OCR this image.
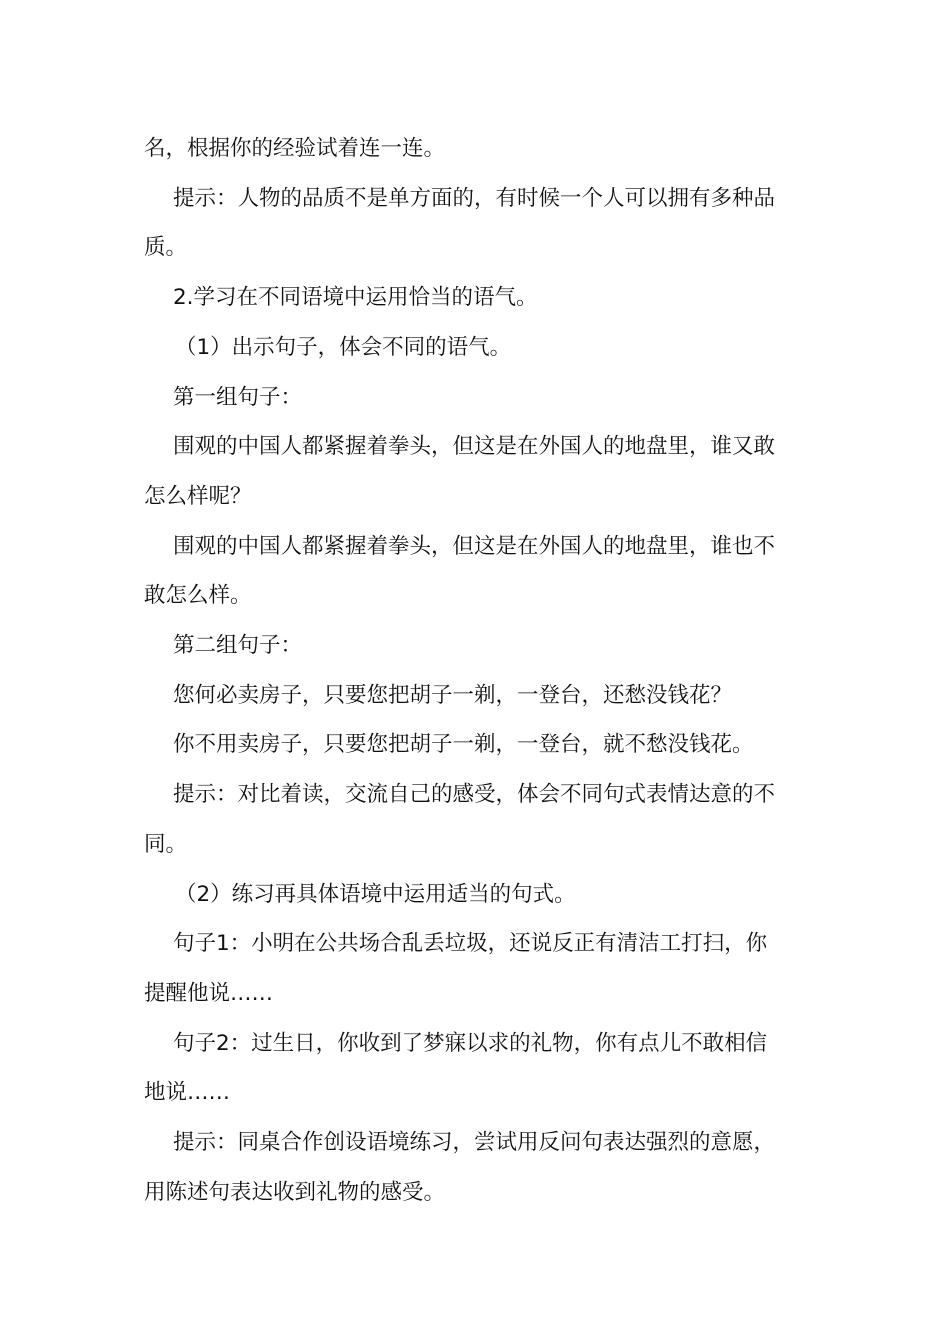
名，根据你的经验试着连一连。

提示：人物的品质不是单方面的，有时候一个人可以拥有多种品

质。

2.学习在不同语境中运用恰当的语气。

（1）出示句子，体会不同的语气。

第一组句子：

围观的中国人都紧握着拳头，但这是在外国人的地盘里，谁又敢

怎么样呢？

围观的中国人都紧握着拳头，但这是在外国人的地盘里，谁也不

敢怎么样。

第二组句子：

您何必卖房子，只要您把胡子一剃，一登台，还愁没钱花？

你不用卖房子，只要您把胡子一剃，一登台，就不愁没钱花。

提示：对比着读，交流自己的感受，体会不同句式表情达意的不

同。

（2）练习再具体语境中运用适当的句式。

句子1：小明在公共场合乱丢垃圾，还说反正有清洁工打扫，你

提醒他说……

句子2：过生日，你收到了梦寐以求的礼物，你有点儿不敢相信

地说……

提示：同桌合作创设语境练习，尝试用反问句表达强烈的意愿，

用陈述句表达收到礼物的感受。
